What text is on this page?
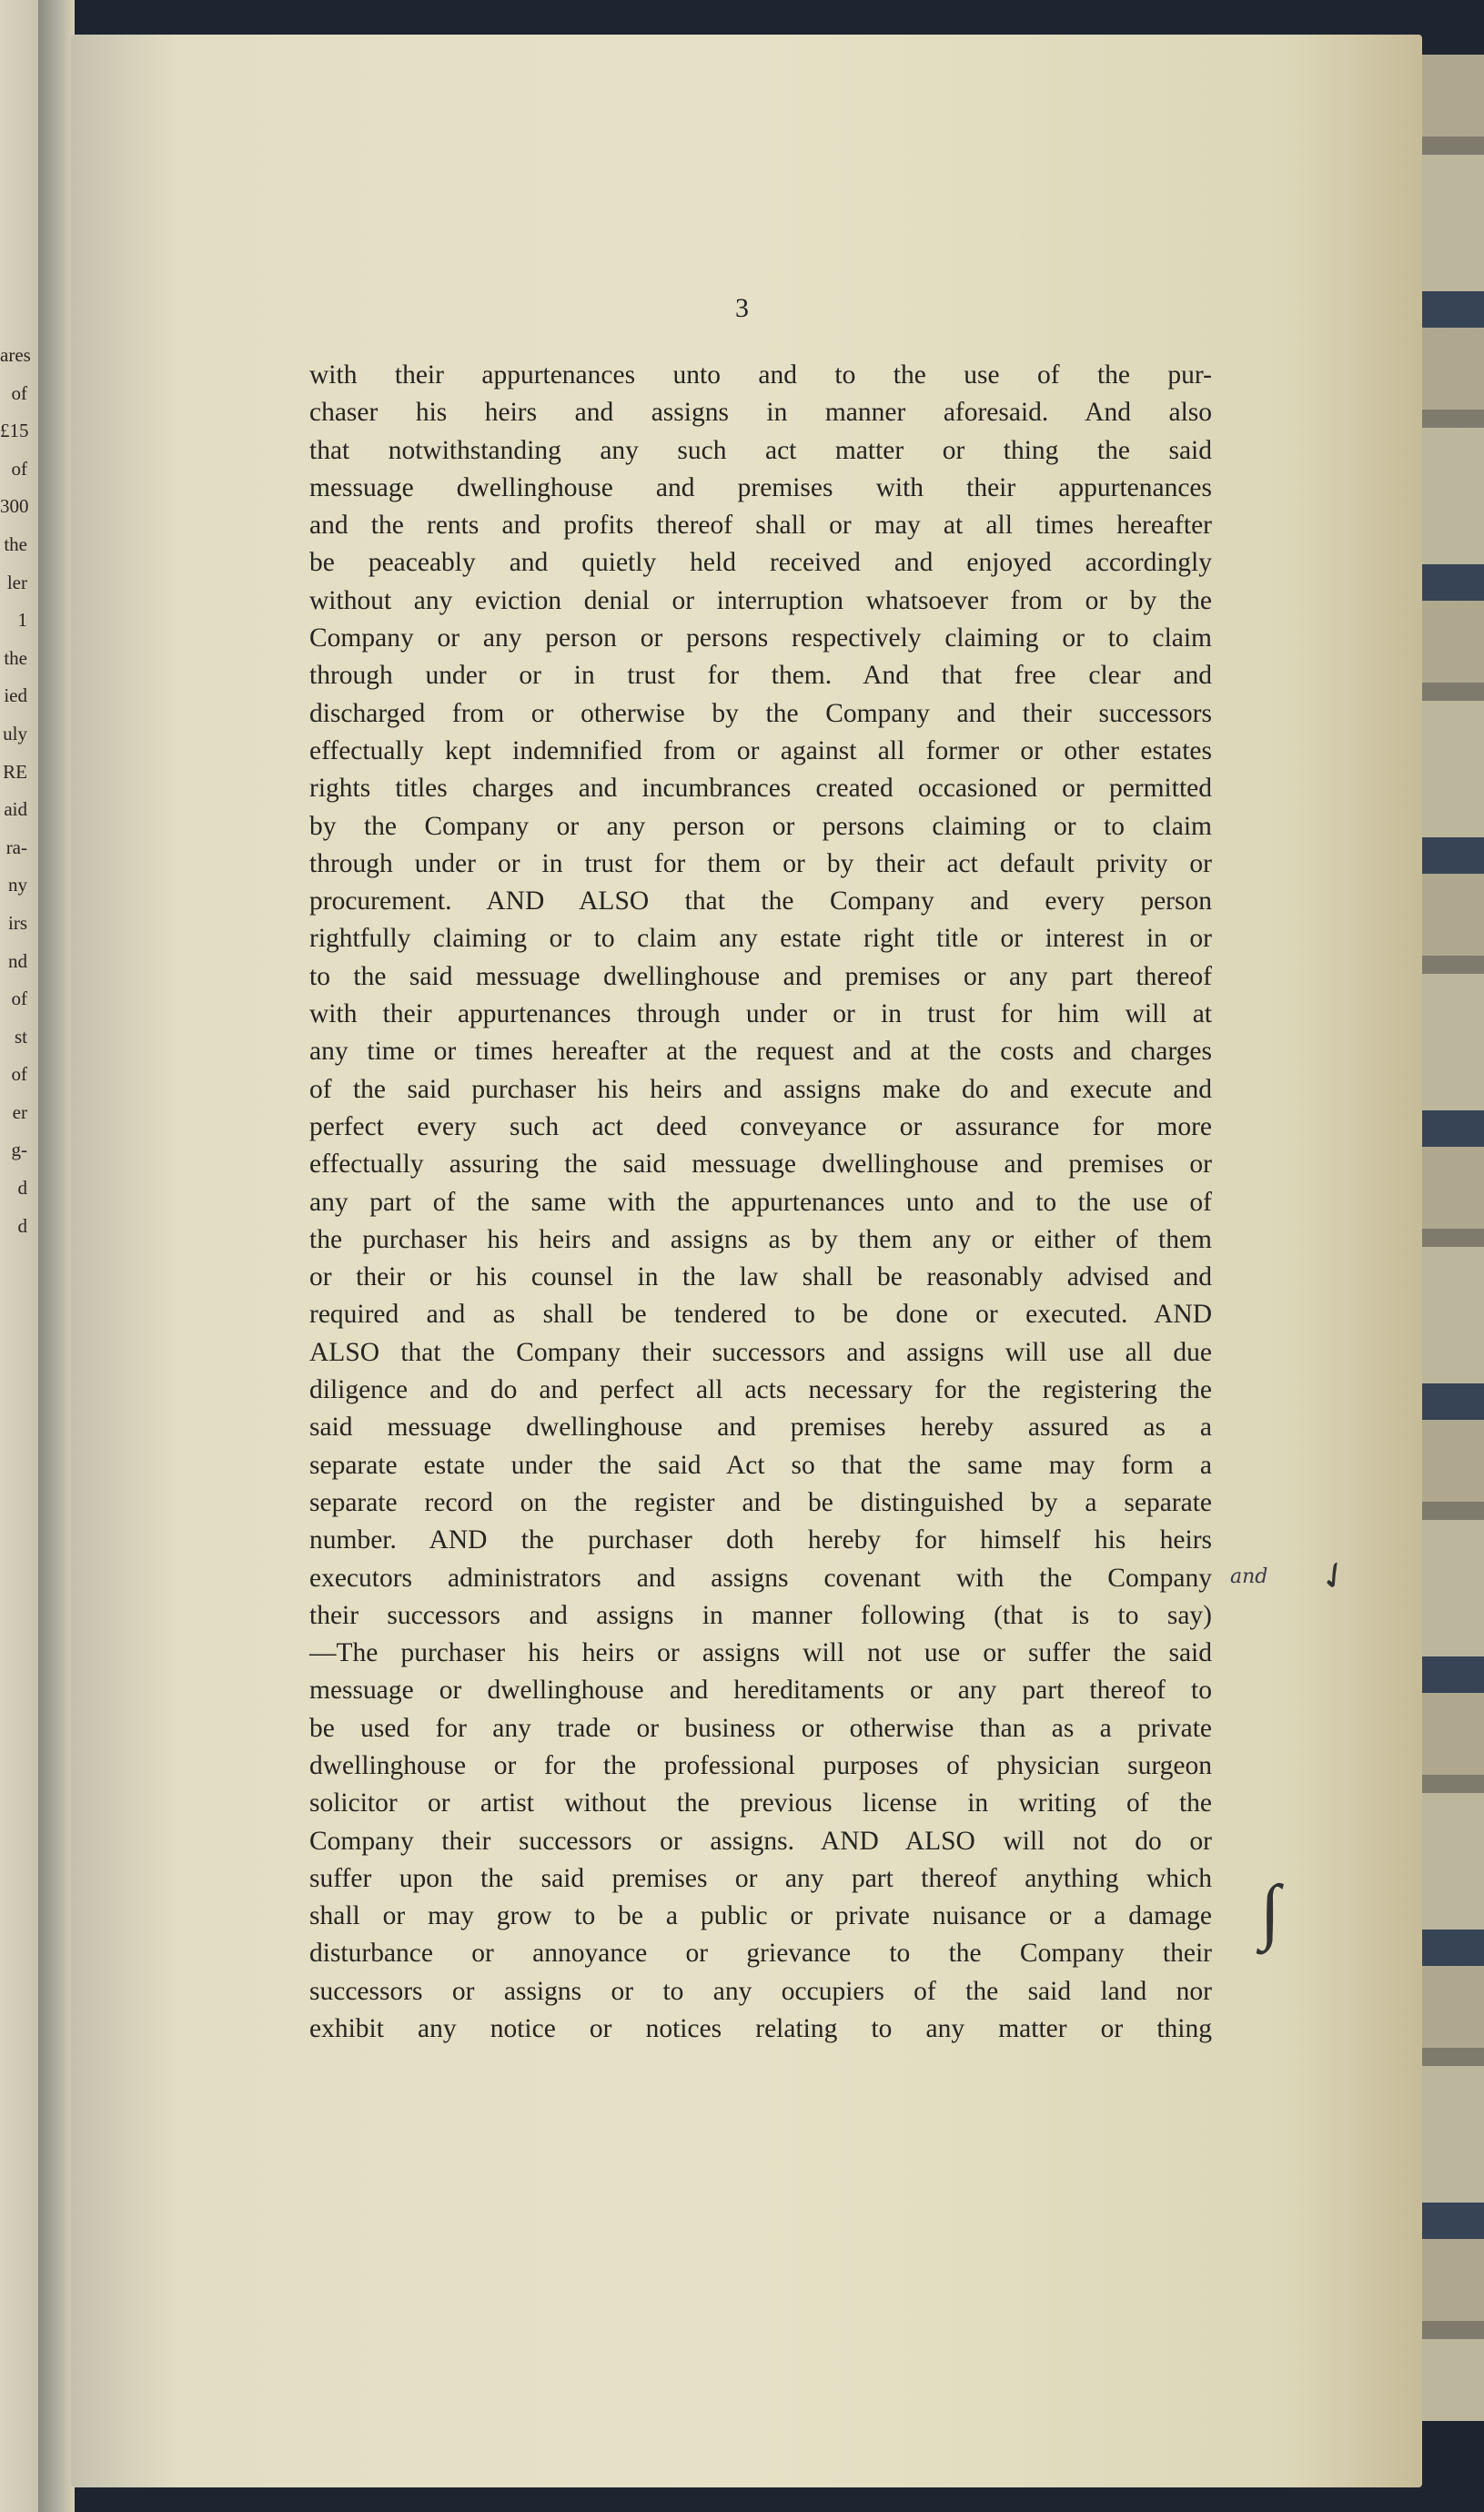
ares
of
£15
of
300
the
ler
1
the
ied
uly
RE
aid
ra-
ny
irs
nd
of
st
of
er
g-
d
d
3
with their appurtenances unto and to the use of the pur-
chaser his heirs and assigns in manner aforesaid. And also
that notwithstanding any such act matter or thing the said
messuage dwellinghouse and premises with their appurtenances
and the rents and profits thereof shall or may at all times hereafter
be peaceably and quietly held received and enjoyed accordingly
without any eviction denial or interruption whatsoever from or by the
Company or any person or persons respectively claiming or to claim
through under or in trust for them. And that free clear and
discharged from or otherwise by the Company and their successors
effectually kept indemnified from or against all former or other estates
rights titles charges and incumbrances created occasioned or permitted
by the Company or any person or persons claiming or to claim
through under or in trust for them or by their act default privity or
procurement. AND ALSO that the Company and every person
rightfully claiming or to claim any estate right title or interest in or
to the said messuage dwellinghouse and premises or any part thereof
with their appurtenances through under or in trust for him will at
any time or times hereafter at the request and at the costs and charges
of the said purchaser his heirs and assigns make do and execute and
perfect every such act deed conveyance or assurance for more
effectually assuring the said messuage dwellinghouse and premises or
any part of the same with the appurtenances unto and to the use of
the purchaser his heirs and assigns as by them any or either of them
or their or his counsel in the law shall be reasonably advised and
required and as shall be tendered to be done or executed. AND
ALSO that the Company their successors and assigns will use all due
diligence and do and perfect all acts necessary for the registering the
said messuage dwellinghouse and premises hereby assured as a
separate estate under the said Act so that the same may form a
separate record on the register and be distinguished by a separate
number. AND the purchaser doth hereby for himself his heirs
executors administrators and assigns covenant with the Company
their successors and assigns in manner following (that is to say)
—The purchaser his heirs or assigns will not use or suffer the said
messuage or dwellinghouse and hereditaments or any part thereof to
be used for any trade or business or otherwise than as a private
dwellinghouse or for the professional purposes of physician surgeon
solicitor or artist without the previous license in writing of the
Company their successors or assigns. AND ALSO will not do or
suffer upon the said premises or any part thereof anything which
shall or may grow to be a public or private nuisance or a damage
disturbance or annoyance or grievance to the Company their
successors or assigns or to any occupiers of the said land nor
exhibit any notice or notices relating to any matter or thing
and ✓
∫
